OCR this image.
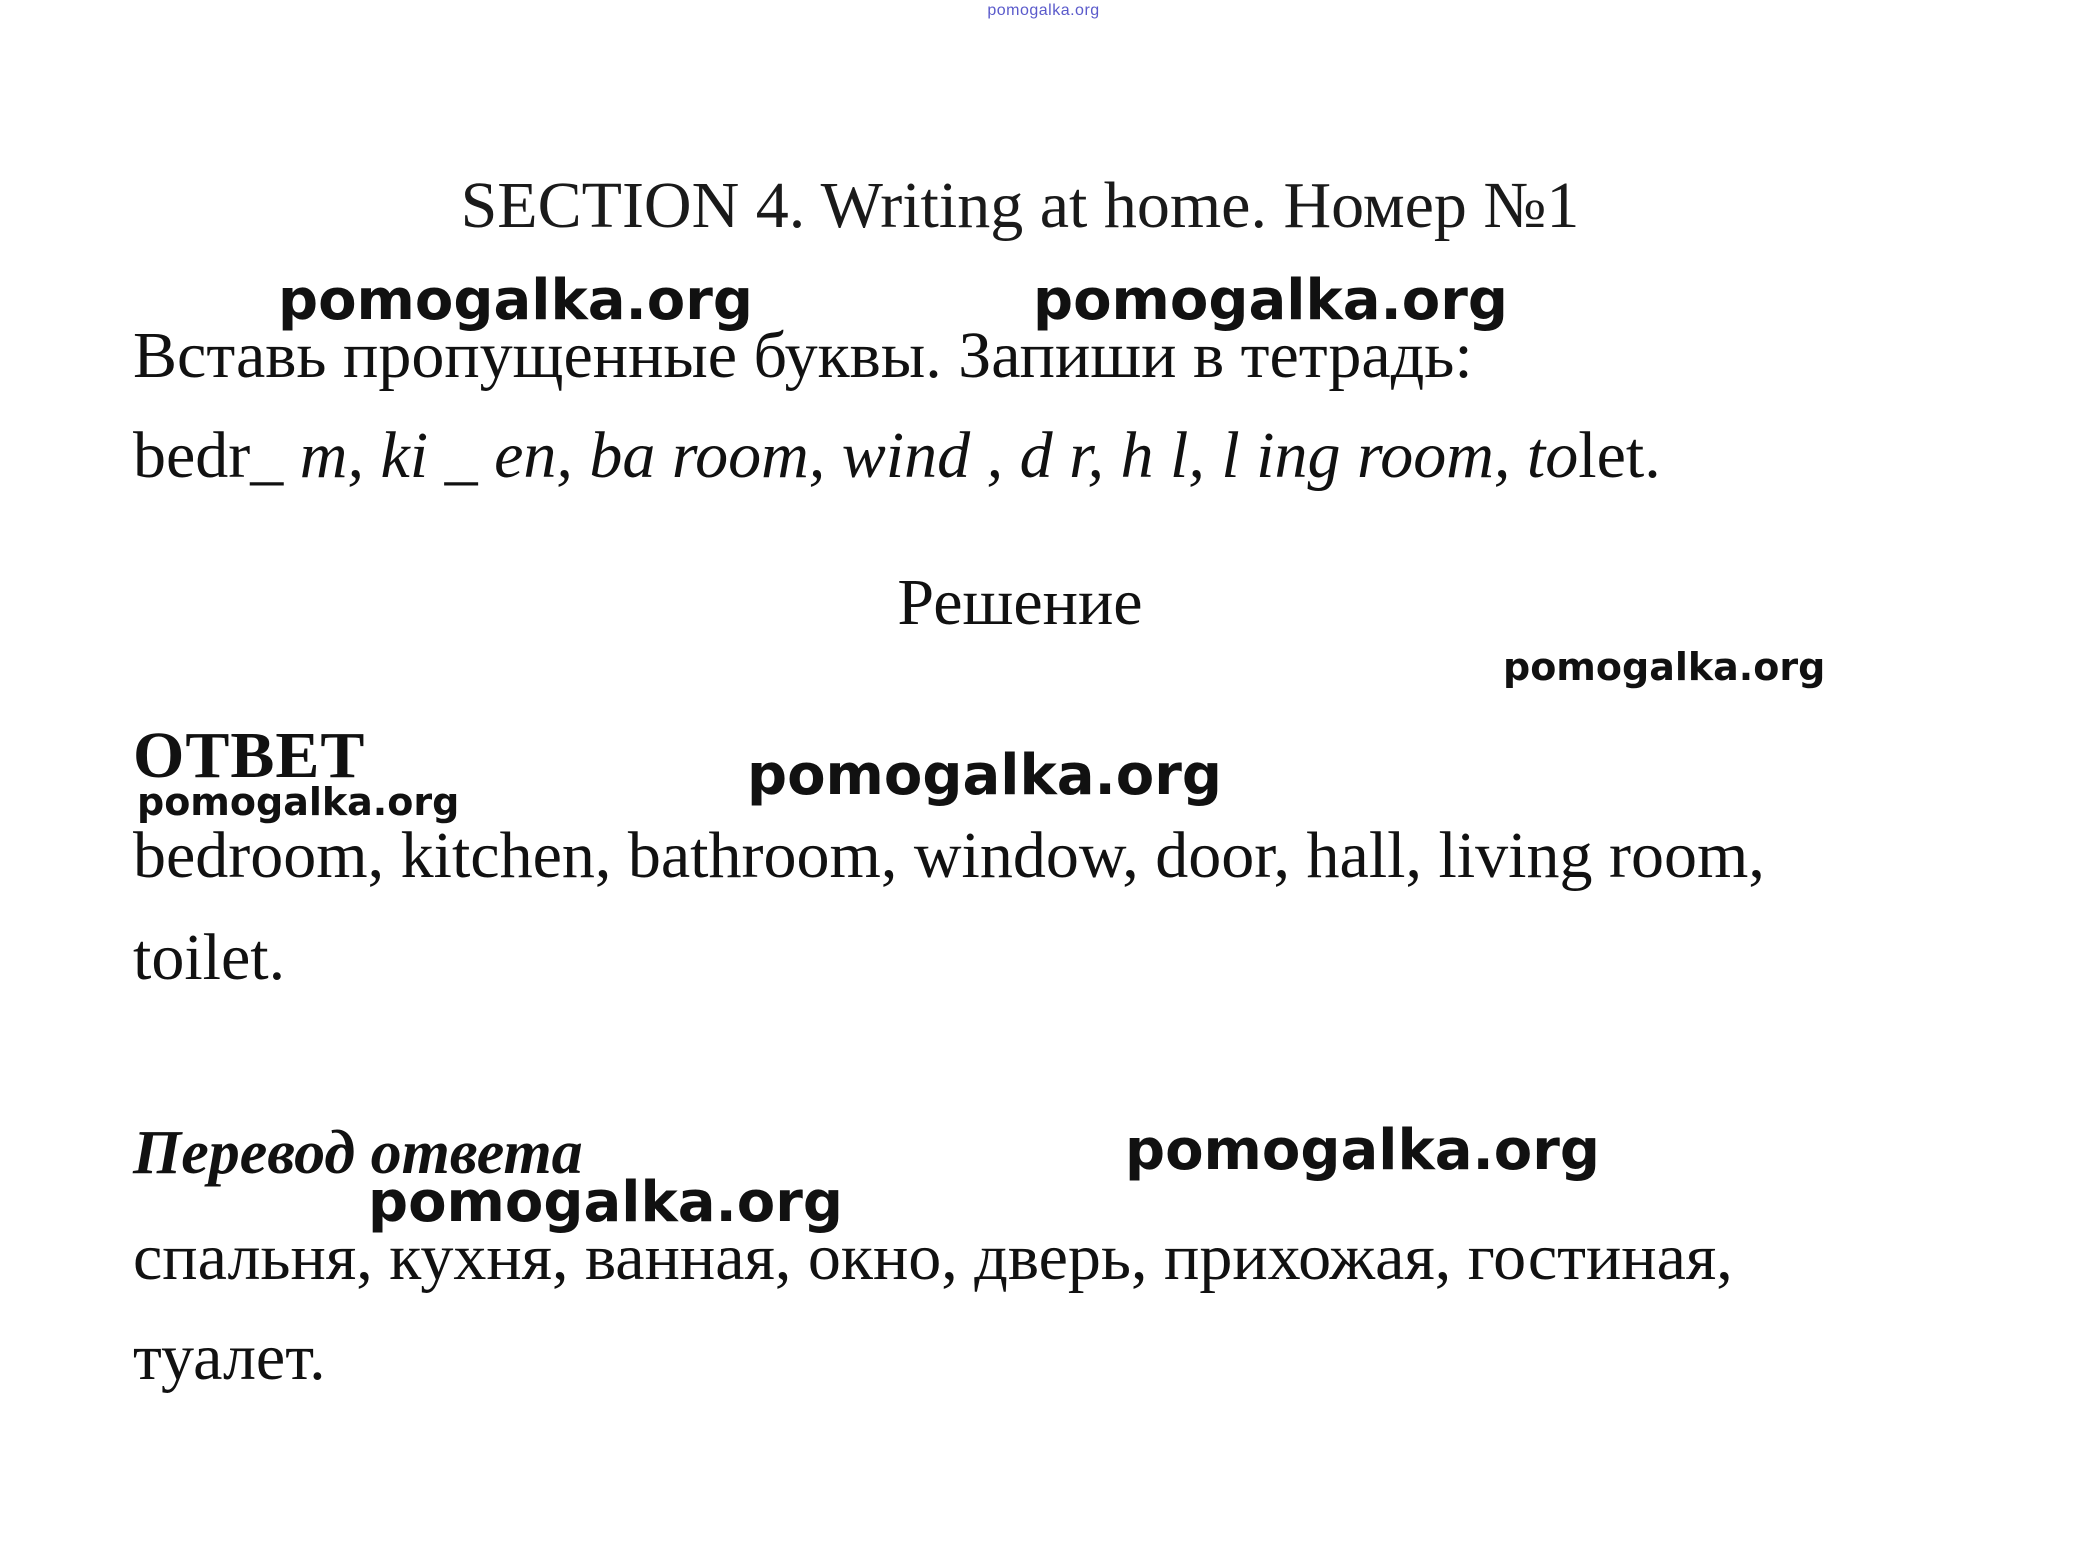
pomogalka.org
SECTION 4. Writing at home. Номер №1
Вставь пропущенные буквы. Запиши в тетрадь:
bedr_ m, ki _ en, ba room, wind , d r, h l, l ing room, tolet.
Решение
ОТВЕТ
bedroom, kitchen, bathroom, window, door, hall, living room,
toilet.
Перевод ответа
спальня, кухня, ванная, окно, дверь, прихожая, гостиная,
туалет.
pomogalka.org	pomogalka.org
pomogalka.org
pomogalka.org
pomogalka.org
pomogalka.org
pomogalka.org
